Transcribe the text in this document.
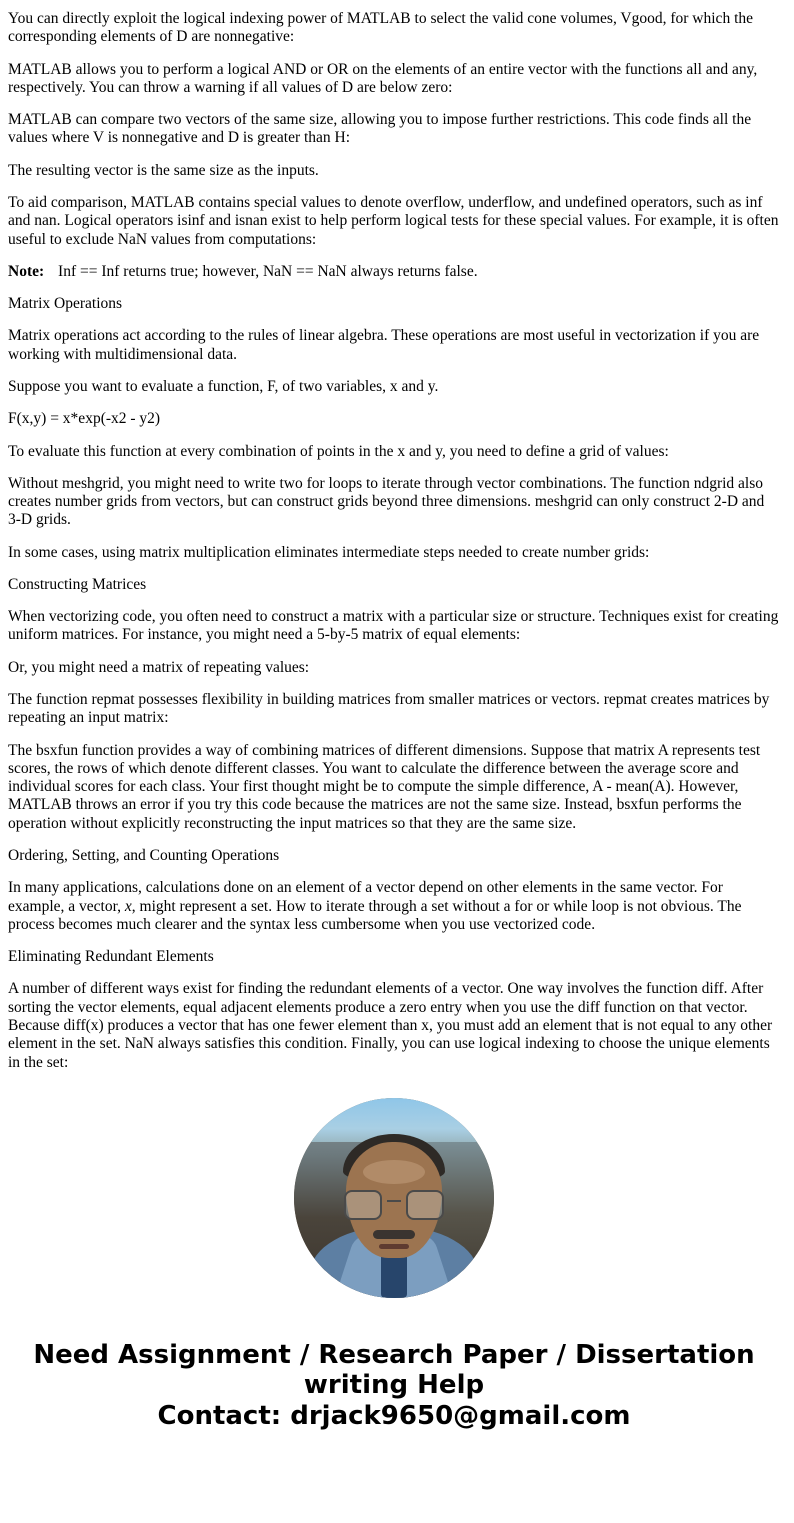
You can directly exploit the logical indexing power of MATLAB to select the valid cone volumes, Vgood, for which the corresponding elements of D are nonnegative:

MATLAB allows you to perform a logical AND or OR on the elements of an entire vector with the functions all and any, respectively. You can throw a warning if all values of D are below zero:

MATLAB can compare two vectors of the same size, allowing you to impose further restrictions. This code finds all the values where V is nonnegative and D is greater than H:

The resulting vector is the same size as the inputs.

To aid comparison, MATLAB contains special values to denote overflow, underflow, and undefined operators, such as inf and nan. Logical operators isinf and isnan exist to help perform logical tests for these special values. For example, it is often useful to exclude NaN values from computations:

Note: Inf == Inf returns true; however, NaN == NaN always returns false.

Matrix Operations

Matrix operations act according to the rules of linear algebra. These operations are most useful in vectorization if you are working with multidimensional data.

Suppose you want to evaluate a function, F, of two variables, x and y.

F(x,y) = x*exp(-x2 - y2)

To evaluate this function at every combination of points in the x and y, you need to define a grid of values:

Without meshgrid, you might need to write two for loops to iterate through vector combinations. The function ndgrid also creates number grids from vectors, but can construct grids beyond three dimensions. meshgrid can only construct 2-D and 3-D grids.

In some cases, using matrix multiplication eliminates intermediate steps needed to create number grids:

Constructing Matrices

When vectorizing code, you often need to construct a matrix with a particular size or structure. Techniques exist for creating uniform matrices. For instance, you might need a 5-by-5 matrix of equal elements:

Or, you might need a matrix of repeating values:

The function repmat possesses flexibility in building matrices from smaller matrices or vectors. repmat creates matrices by repeating an input matrix:

The bsxfun function provides a way of combining matrices of different dimensions. Suppose that matrix A represents test scores, the rows of which denote different classes. You want to calculate the difference between the average score and individual scores for each class. Your first thought might be to compute the simple difference, A - mean(A). However, MATLAB throws an error if you try this code because the matrices are not the same size. Instead, bsxfun performs the operation without explicitly reconstructing the input matrices so that they are the same size.

Ordering, Setting, and Counting Operations

In many applications, calculations done on an element of a vector depend on other elements in the same vector. For example, a vector, x, might represent a set. How to iterate through a set without a for or while loop is not obvious. The process becomes much clearer and the syntax less cumbersome when you use vectorized code.

Eliminating Redundant Elements

A number of different ways exist for finding the redundant elements of a vector. One way involves the function diff. After sorting the vector elements, equal adjacent elements produce a zero entry when you use the diff function on that vector. Because diff(x) produces a vector that has one fewer element than x, you must add an element that is not equal to any other element in the set. NaN always satisfies this condition. Finally, you can use logical indexing to choose the unique elements in the set:

Need Assignment / Research Paper / Dissertation
writing Help
Contact: drjack9650@gmail.com
